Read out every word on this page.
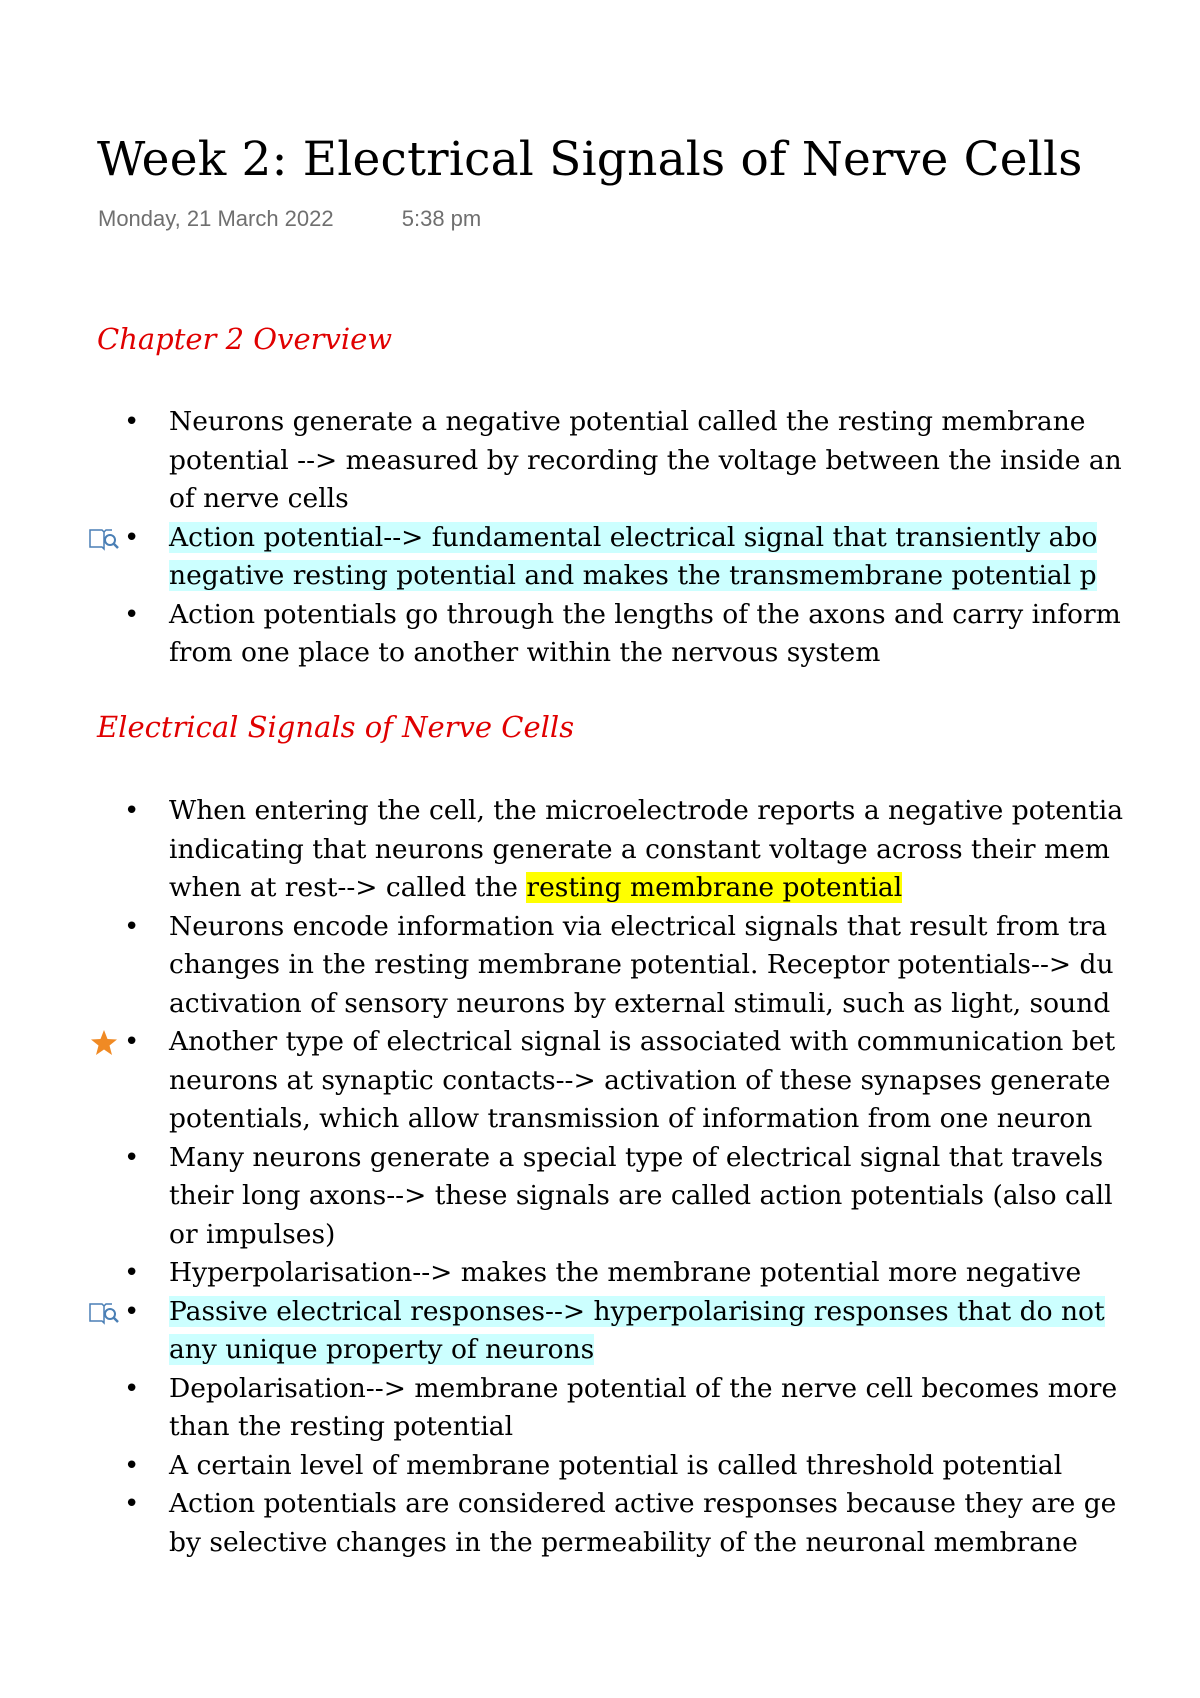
Week 2: Electrical Signals of Nerve Cells
Monday, 21 March 2022	5:38 pm
Chapter 2 Overview
• Neurons generate a negative potential called the resting membrane
potential --> measured by recording the voltage between the inside an
of nerve cells
• Action potential--> fundamental electrical signal that transiently abo
negative resting potential and makes the transmembrane potential p
• Action potentials go through the lengths of the axons and carry inform
from one place to another within the nervous system
Electrical Signals of Nerve Cells
• When entering the cell, the microelectrode reports a negative potentia
indicating that neurons generate a constant voltage across their mem
when at rest--> called the resting membrane potential
• Neurons encode information via electrical signals that result from tra
changes in the resting membrane potential. Receptor potentials--> du
activation of sensory neurons by external stimuli, such as light, sound
• Another type of electrical signal is associated with communication bet
neurons at synaptic contacts--> activation of these synapses generate
potentials, which allow transmission of information from one neuron
• Many neurons generate a special type of electrical signal that travels
their long axons--> these signals are called action potentials (also call
or impulses)
• Hyperpolarisation--> makes the membrane potential more negative
• Passive electrical responses--> hyperpolarising responses that do not
any unique property of neurons
• Depolarisation--> membrane potential of the nerve cell becomes more
than the resting potential
• A certain level of membrane potential is called threshold potential
• Action potentials are considered active responses because they are ge
by selective changes in the permeability of the neuronal membrane
